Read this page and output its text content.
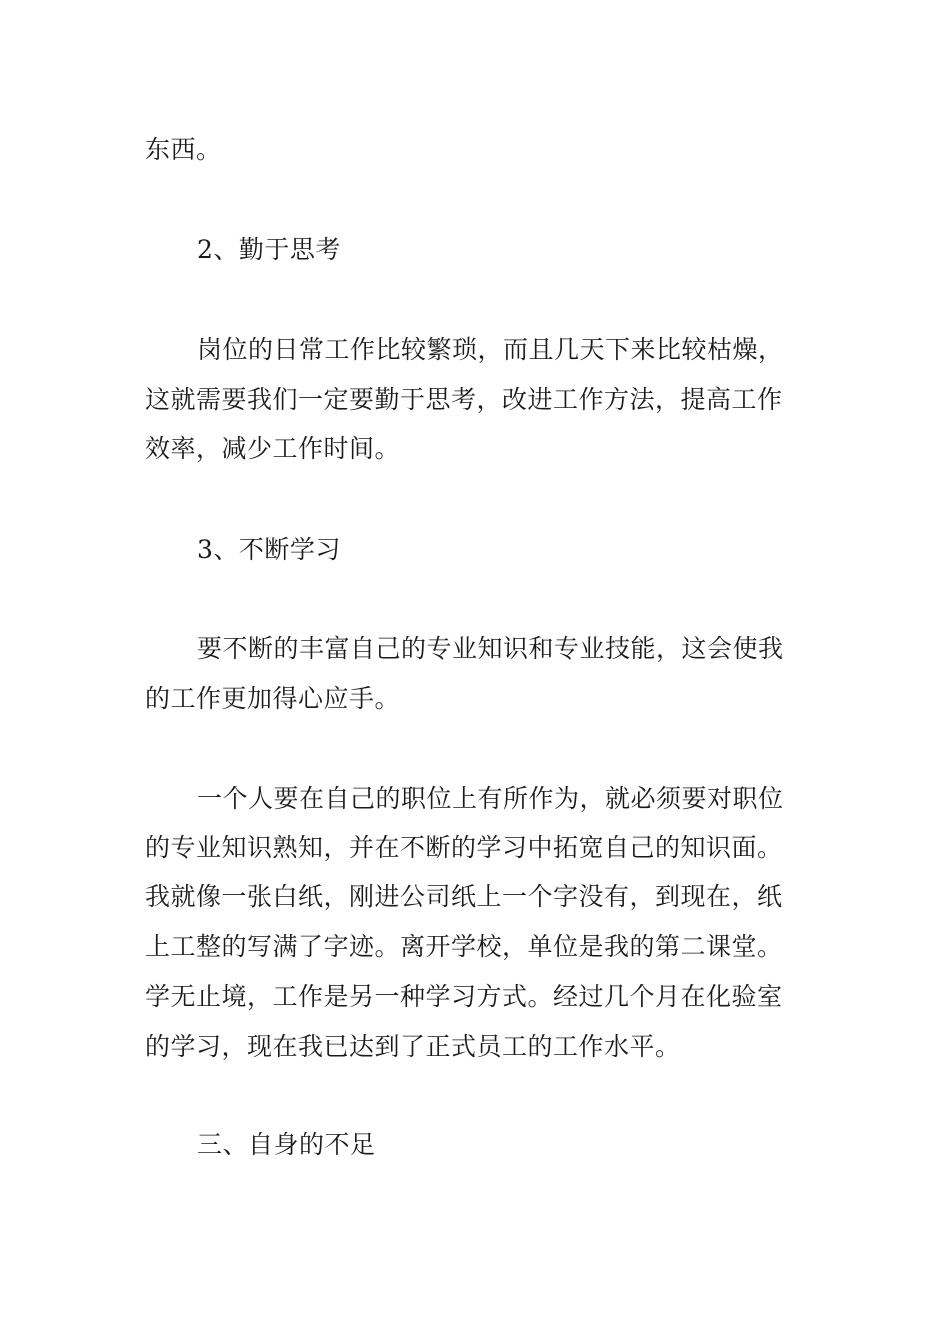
东西。

2、勤于思考

岗位的日常工作比较繁琐，而且几天下来比较枯燥，

这就需要我们一定要勤于思考，改进工作方法，提高工作

效率，减少工作时间。

3、不断学习

要不断的丰富自己的专业知识和专业技能，这会使我

的工作更加得心应手。

一个人要在自己的职位上有所作为，就必须要对职位

的专业知识熟知，并在不断的学习中拓宽自己的知识面。

我就像一张白纸，刚进公司纸上一个字没有，到现在，纸

上工整的写满了字迹。离开学校，单位是我的第二课堂。

学无止境，工作是另一种学习方式。经过几个月在化验室

的学习，现在我已达到了正式员工的工作水平。

三、自身的不足
